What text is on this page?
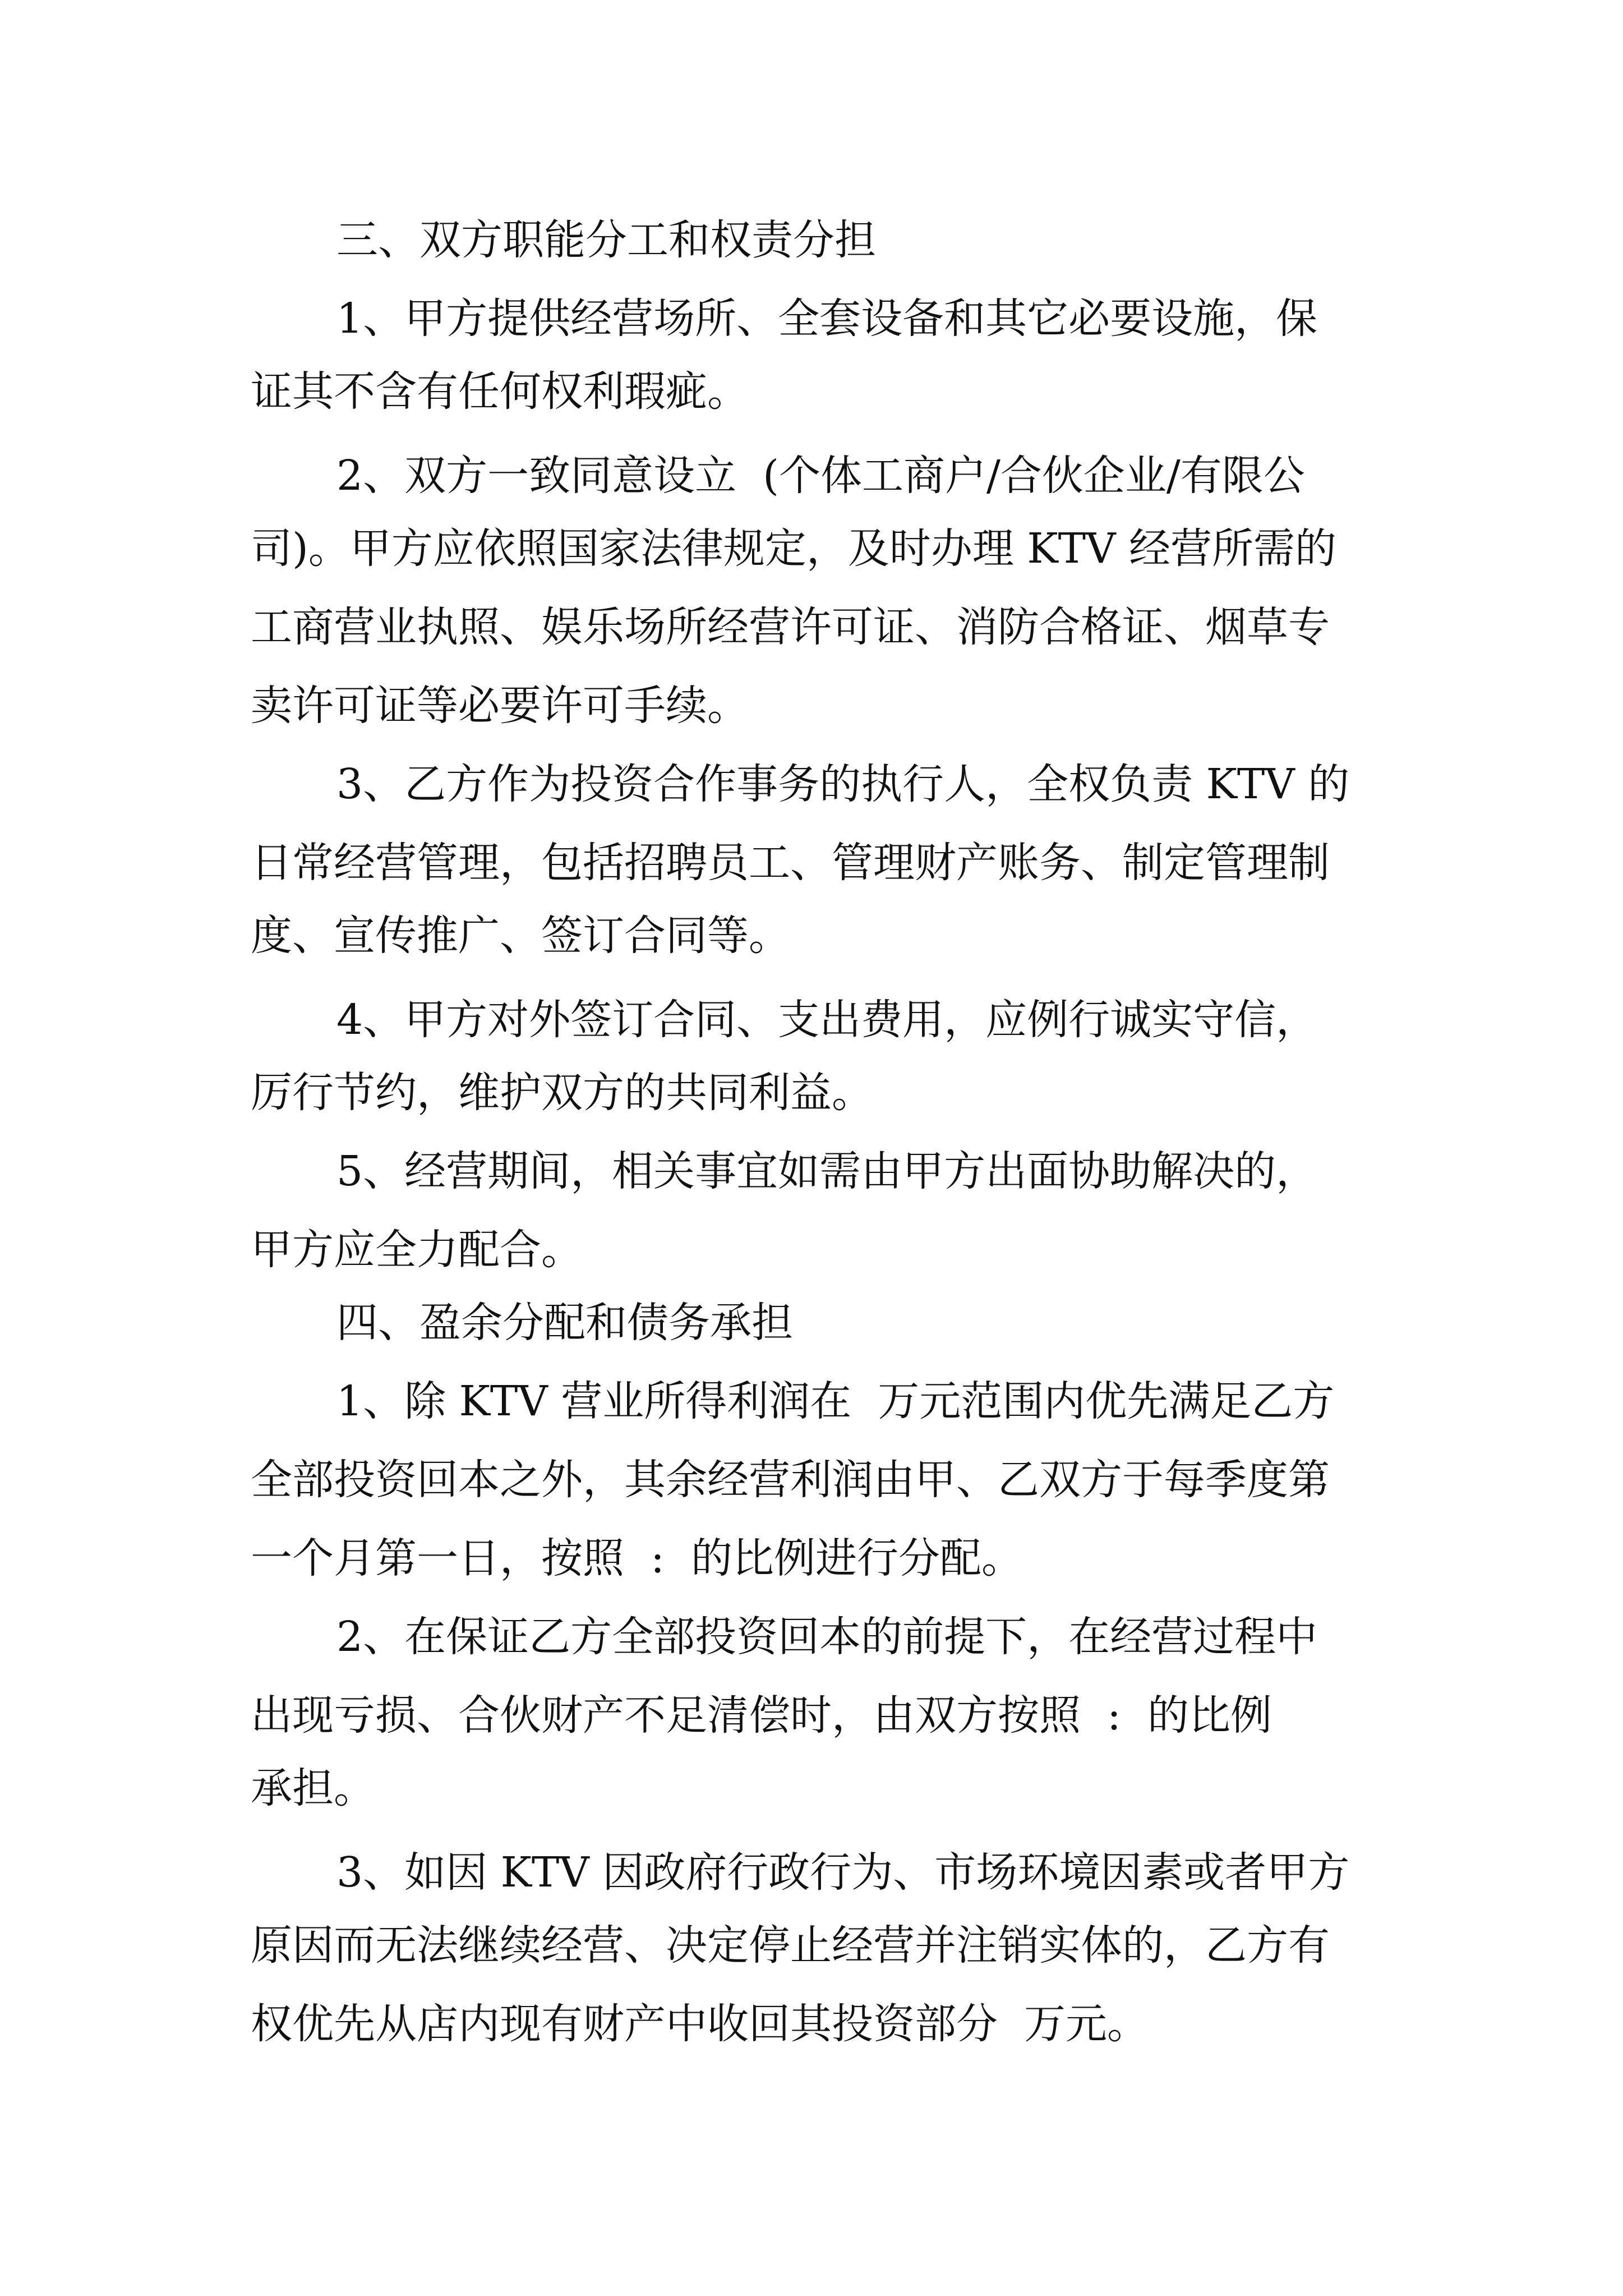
三、双方职能分工和权责分担

1、甲方提供经营场所、全套设备和其它必要设施，保

证其不含有任何权利瑕疵。

2、双方一致同意设立  (个体工商户/合伙企业/有限公

司)。甲方应依照国家法律规定，及时办理 KTV 经营所需的

工商营业执照、娱乐场所经营许可证、消防合格证、烟草专

卖许可证等必要许可手续。

3、乙方作为投资合作事务的执行人，全权负责 KTV 的

日常经营管理，包括招聘员工、管理财产账务、制定管理制

度、宣传推广、签订合同等。

4、甲方对外签订合同、支出费用，应例行诚实守信，

厉行节约，维护双方的共同利益。

5、经营期间，相关事宜如需由甲方出面协助解决的，

甲方应全力配合。

四、盈余分配和债务承担

1、除 KTV 营业所得利润在  万元范围内优先满足乙方

全部投资回本之外，其余经营利润由甲、乙双方于每季度第

一个月第一日，按照  :  的比例进行分配。

2、在保证乙方全部投资回本的前提下，在经营过程中

出现亏损、合伙财产不足清偿时，由双方按照  :  的比例

承担。

3、如因 KTV 因政府行政行为、市场环境因素或者甲方

原因而无法继续经营、决定停止经营并注销实体的，乙方有

权优先从店内现有财产中收回其投资部分  万元。
